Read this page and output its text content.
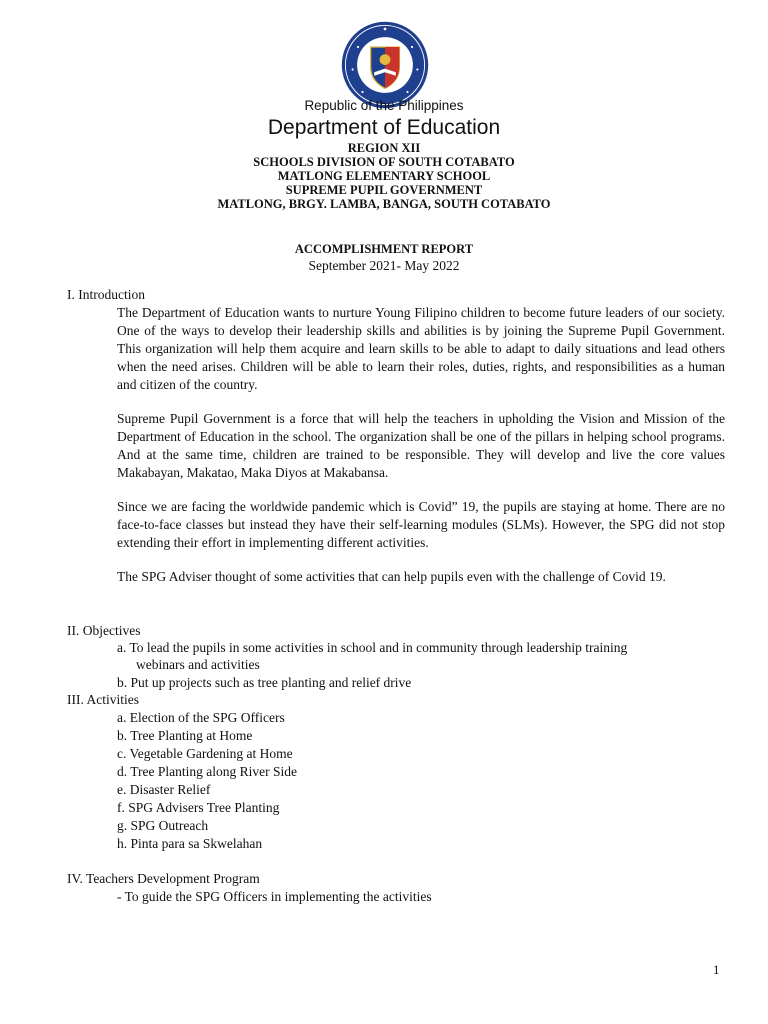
Republic of the Philippines
Department of Education
REGION XII
SCHOOLS DIVISION OF SOUTH COTABATO
MATLONG ELEMENTARY SCHOOL
SUPREME PUPIL GOVERNMENT
MATLONG, BRGY. LAMBA, BANGA, SOUTH COTABATO
ACCOMPLISHMENT REPORT
September 2021- May 2022
I. Introduction

The Department of Education wants to nurture Young Filipino children to become future leaders of our society. One of the ways to develop their leadership skills and abilities is by joining the Supreme Pupil Government. This organization will help them acquire and learn skills to be able to adapt to daily situations and lead others when the need arises. Children will be able to learn their roles, duties, rights, and responsibilities as a human and citizen of the country.

Supreme Pupil Government is a force that will help the teachers in upholding the Vision and Mission of the Department of Education in the school. The organization shall be one of the pillars in helping school programs. And at the same time, children are trained to be responsible. They will develop and live the core values Makabayan, Makatao, Maka Diyos at Makabansa.

Since we are facing the worldwide pandemic which is Covid” 19, the pupils are staying at home. There are no face-to-face classes but instead they have their self-learning modules (SLMs). However, the SPG did not stop extending their effort in implementing different activities.

The SPG Adviser thought of some activities that can help pupils even with the challenge of Covid 19.

II. Objectives
a. To lead the pupils in some activities in school and in community through leadership training
webinars and activities
b. Put up projects such as tree planting and relief drive
III. Activities
a. Election of the SPG Officers
b. Tree Planting at Home
c. Vegetable Gardening at Home
d. Tree Planting along River Side
e. Disaster Relief
f. SPG Advisers Tree Planting
g. SPG Outreach
h. Pinta para sa Skwelahan
IV. Teachers Development Program
- To guide the SPG Officers in implementing the activities
1
